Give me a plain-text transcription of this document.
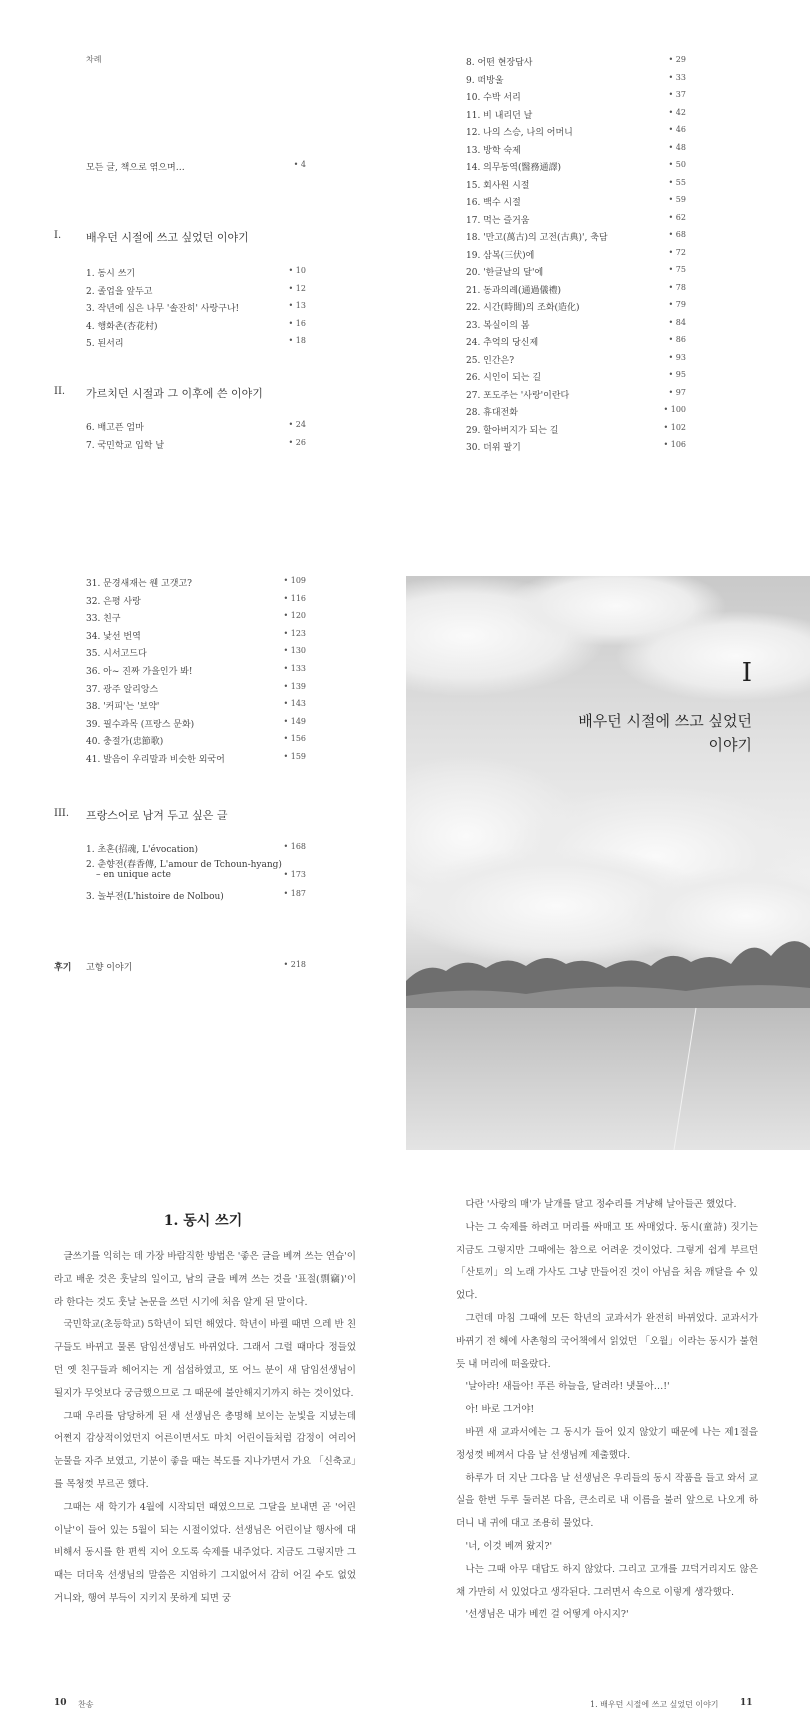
차례
모든 글, 책으로 엮으며…	• 4
I. 배우던 시절에 쓰고 싶었던 이야기
1. 동시 쓰기	• 10
2. 졸업을 앞두고	• 12
3. 작년에 심은 나무 '솔잔히' 사랑구나!	• 13
4. 행화촌(杏花村)	• 16
5. 된서리	• 18
II. 가르치던 시절과 그 이후에 쓴 이야기
6. 배고픈 엄마	• 24
7. 국민학교 입학 날	• 26
8. 어떤 현장답사	• 29
9. 떠방울	• 33
10. 수박 서리	• 37
11. 비 내리던 날	• 42
12. 나의 스승, 나의 어머니	• 46
13. 방학 숙제	• 48
14. 의무동역(醫務通譯)	• 50
15. 회사원 시절	• 55
16. 백수 시절	• 59
17. 먹는 즐거움	• 62
18. '만고(萬古)의 고전(古典)', 축담	• 68
19. 삼복(三伏)에	• 72
20. '한글날의 달'에	• 75
21. 동과의례(通過儀禮)	• 78
22. 시간(時間)의 조화(造化)	• 79
23. 복실이의 봄	• 84
24. 추억의 당신제	• 86
25. 인간은?	• 93
26. 시인이 되는 길	• 95
27. 포도주는 '사랑'이란다	• 97
28. 휴대전화	• 100
29. 할아버지가 되는 길	• 102
30. 더위 팔기	• 106
31. 문경새재는 웬 고갯고?	• 109
32. 은평 사랑	• 116
33. 친구	• 120
34. 낯선 번역	• 123
35. 시서고드다	• 130
36. 아~ 진짜 가을인가 봐!	• 133
37. 광주 알리앙스	• 139
38. '커피'는 '보약'	• 143
39. 필수과목 (프랑스 문화)	• 149
40. 충절가(忠節歌)	• 156
41. 발음이 우리말과 비슷한 외국어	• 159
III. 프랑스어로 남겨 두고 싶은 글
1. 초혼(招魂, L'évocation)	• 168
2. 춘향전(春香傳, L'amour de Tchoun-hyang)
– en unique acte	• 173
3. 놀부전(L'histoire de Nolbou)	• 187
후기 고향 이야기	• 218
I
배우던 시절에 쓰고 싶었던
이야기
1. 동시 쓰기

글쓰기를 익히는 데 가장 바람직한 방법은 '좋은 글을 베껴 쓰는 연습'이라고 배운 것은 훗날의 일이고, 남의 글을 베껴 쓰는 것을 '표절(剽竊)'이라 한다는 것도 훗날 논문을 쓰던 시기에 처음 알게 된 말이다.

국민학교(초등학교) 5학년이 되던 해였다. 학년이 바뀔 때면 으레 반 친구들도 바뀌고 물론 담임선생님도 바뀌었다. 그래서 그럴 때마다 정들었던 옛 친구들과 헤어지는 게 섭섭하였고, 또 어느 분이 새 담임선생님이 될지가 무엇보다 궁금했으므로 그 때문에 불안해지기까지 하는 것이었다.

그때 우리를 담당하게 된 새 선생님은 총명해 보이는 눈빛을 지녔는데 어쩐지 감상적이었던지 어른이면서도 마치 어린이들처럼 감정이 여리어 눈물을 자주 보였고, 기분이 좋을 때는 복도를 지나가면서 가요 「신축교」를 목청껏 부르곤 했다.

그때는 새 학기가 4월에 시작되던 때였으므로 그달을 보내면 곧 '어린이날'이 들어 있는 5월이 되는 시절이었다. 선생님은 어린이날 행사에 대비해서 동시를 한 편씩 지어 오도록 숙제를 내주었다. 지금도 그렇지만 그때는 더더욱 선생님의 말씀은 지엄하기 그지없어서 감히 어길 수도 없었거니와, 행여 부득이 지키지 못하게 되면 궁

다란 '사랑의 매'가 날개를 달고 정수리를 겨냥해 날아들곤 했었다.

나는 그 숙제를 하려고 머리를 싸매고 또 싸매었다. 동시(童詩) 짓기는 지금도 그렇지만 그때에는 참으로 어려운 것이었다. 그렇게 쉽게 부르던 「산토끼」의 노래 가사도 그냥 만들어진 것이 아님을 처음 깨달을 수 있었다.

그런데 마침 그때에 모든 학년의 교과서가 완전히 바뀌었다. 교과서가 바뀌기 전 해에 사촌형의 국어책에서 읽었던 「오월」이라는 동시가 불현듯 내 머리에 떠올랐다.

'날아라! 새들아! 푸른 하늘을, 달려라! 냇물아…!'

아! 바로 그거야!

바뀐 새 교과서에는 그 동시가 들어 있지 않았기 때문에 나는 제1절을 정성껏 베껴서 다음 날 선생님께 제출했다.

하루가 더 지난 그다음 날 선생님은 우리들의 동시 작품을 들고 와서 교실을 한번 두루 둘러본 다음, 큰소리로 내 이름을 불러 앞으로 나오게 하더니 내 귀에 대고 조용히 물었다.

'너, 이것 베껴 왔지?'

나는 그때 아무 대답도 하지 않았다. 그리고 고개를 끄덕거리지도 않은 채 가만히 서 있었다고 생각된다. 그러면서 속으로 이렇게 생각했다.

'선생님은 내가 베낀 걸 어떻게 아시지?'

10 찬송	1. 배우던 시절에 쓰고 싶었던 이야기 11
